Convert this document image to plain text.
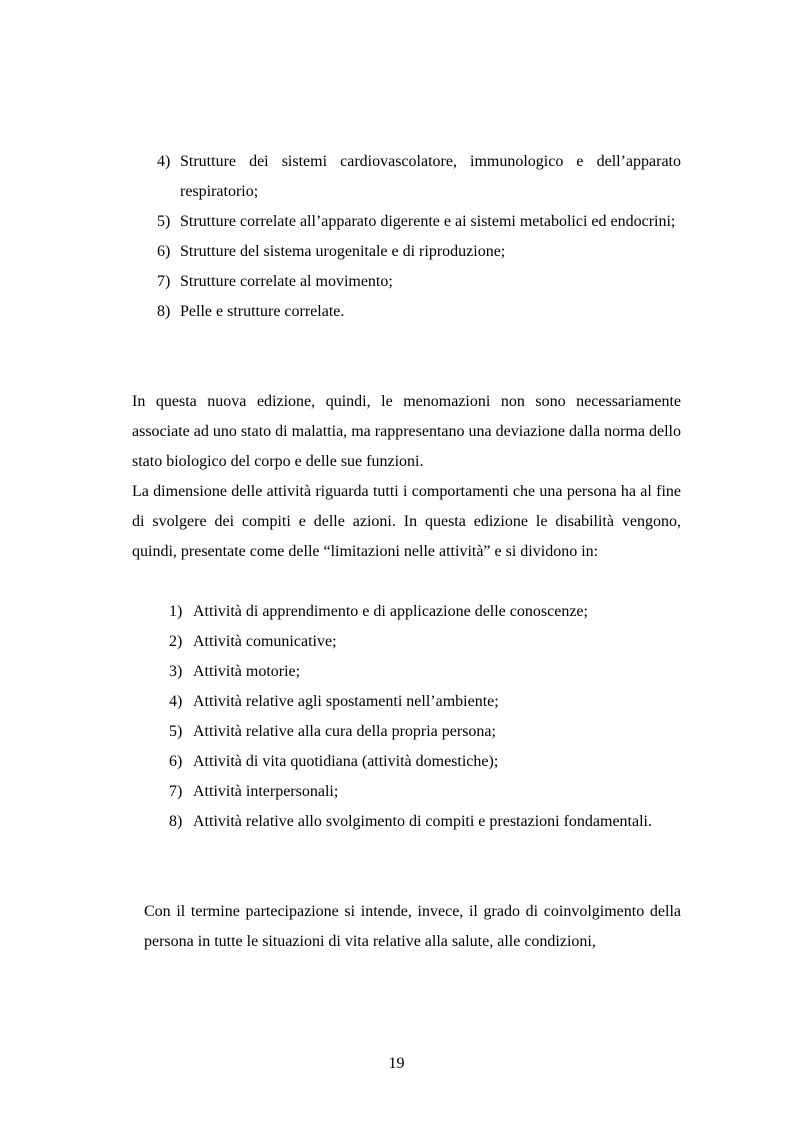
4) Strutture dei sistemi cardiovascolatore, immunologico e dell’apparato respiratorio;
5) Strutture correlate all’apparato digerente e ai sistemi metabolici ed endocrini;
6) Strutture del sistema urogenitale e di riproduzione;
7) Strutture correlate al movimento;
8) Pelle e strutture correlate.

In questa nuova edizione, quindi, le menomazioni non sono necessariamente associate ad uno stato di malattia, ma rappresentano una deviazione dalla norma dello stato biologico del corpo e delle sue funzioni.

La dimensione delle attività riguarda tutti i comportamenti che una persona ha al fine di svolgere dei compiti e delle azioni. In questa edizione le disabilità vengono, quindi, presentate come delle “limitazioni nelle attività” e si dividono in:

1) Attività di apprendimento e di applicazione delle conoscenze;
2) Attività comunicative;
3) Attività motorie;
4) Attività relative agli spostamenti nell’ambiente;
5) Attività relative alla cura della propria persona;
6) Attività di vita quotidiana (attività domestiche);
7) Attività interpersonali;
8) Attività relative allo svolgimento di compiti e prestazioni fondamentali.

Con il termine partecipazione si intende, invece, il grado di coinvolgimento della persona in tutte le situazioni di vita relative alla salute, alle condizioni,

19
